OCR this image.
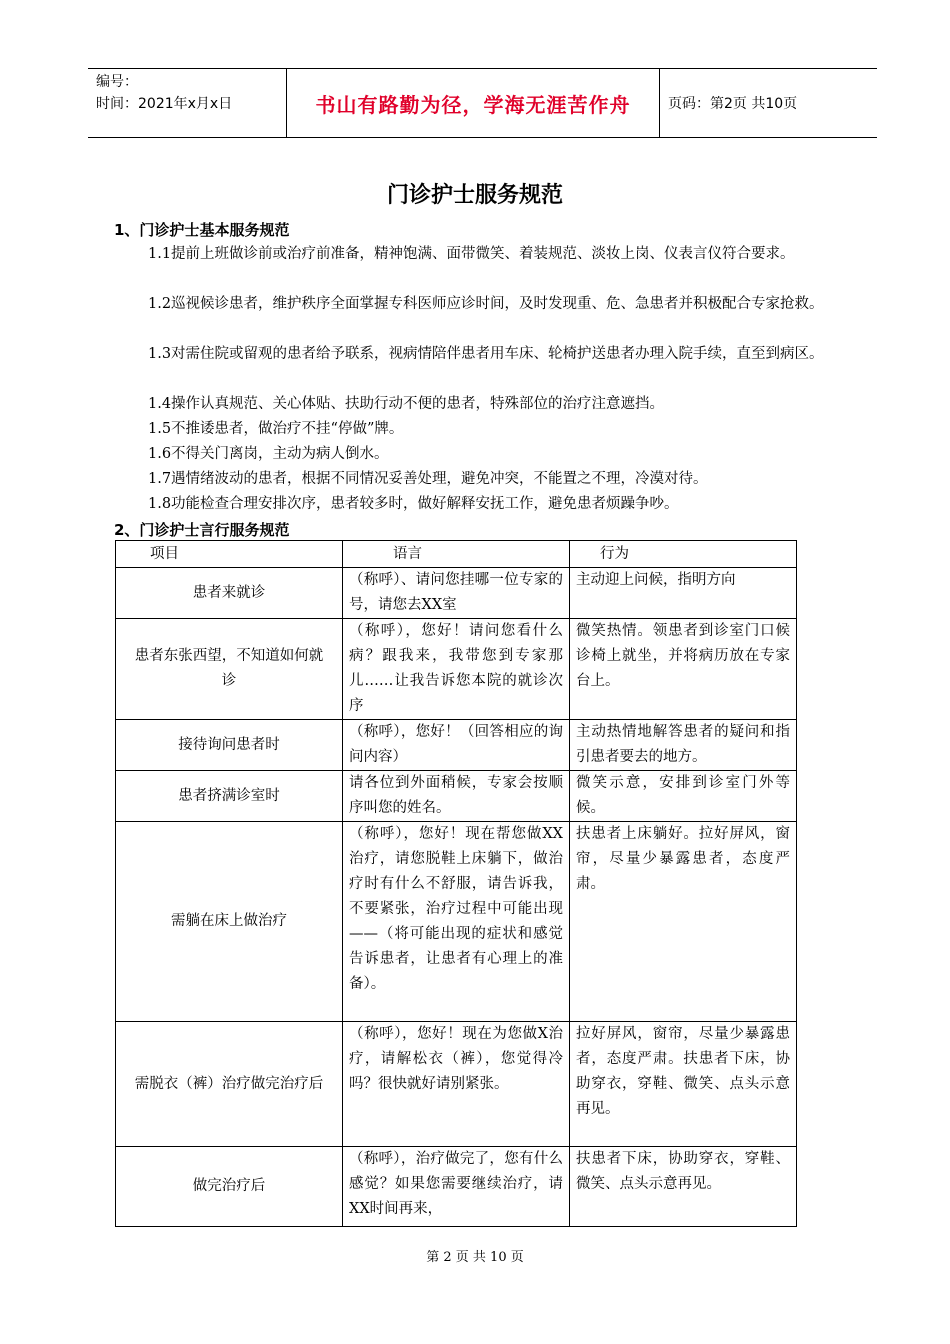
编号：
时间：2021年x月x日	书山有路勤为径，学海无涯苦作舟	页码：第2页 共10页
门诊护士服务规范
1、门诊护士基本服务规范
1.1提前上班做诊前或治疗前准备，精神饱满、面带微笑、着装规范、淡妆上岗、仪表言仪符合要求。
1.2巡视候诊患者，维护秩序全面掌握专科医师应诊时间，及时发现重、危、急患者并积极配合专家抢救。
1.3对需住院或留观的患者给予联系，视病情陪伴患者用车床、轮椅护送患者办理入院手续，直至到病区。
1.4操作认真规范、关心体贴、扶助行动不便的患者，特殊部位的治疗注意遮挡。
1.5不推诿患者，做治疗不挂“停做”牌。
1.6不得关门离岗，主动为病人倒水。
1.7遇情绪波动的患者，根据不同情况妥善处理，避免冲突，不能置之不理，冷漠对待。
1.8功能检查合理安排次序，患者较多时，做好解释安抚工作，避免患者烦躁争吵。
2、门诊护士言行服务规范
项目	语言	行为
患者来就诊	（称呼）、请问您挂哪一位专家的号，请您去XX室	主动迎上问候，指明方向
患者东张西望，不知道如何就诊	（称呼），您好！请问您看什么病？跟我来，我带您到专家那儿……让我告诉您本院的就诊次序	微笑热情。领患者到诊室门口候诊椅上就坐，并将病历放在专家台上。
接待询问患者时	（称呼），您好！（回答相应的询问内容）	主动热情地解答患者的疑问和指引患者要去的地方。
患者挤满诊室时	请各位到外面稍候，专家会按顺序叫您的姓名。	微笑示意，安排到诊室门外等候。
需躺在床上做治疗	（称呼），您好！现在帮您做XX治疗，请您脱鞋上床躺下，做治疗时有什么不舒服，请告诉我，不要紧张，治疗过程中可能出现——（将可能出现的症状和感觉告诉患者，让患者有心理上的准备）。	扶患者上床躺好。拉好屏风，窗帘，尽量少暴露患者，态度严肃。
需脱衣（裤）治疗做完治疗后	（称呼），您好！现在为您做X治疗，请解松衣（裤），您觉得冷吗？很快就好请别紧张。	拉好屏风，窗帘，尽量少暴露患者，态度严肃。扶患者下床，协助穿衣，穿鞋、微笑、点头示意再见。
做完治疗后	（称呼），治疗做完了，您有什么感觉？如果您需要继续治疗，请XX时间再来，	扶患者下床，协助穿衣，穿鞋、微笑、点头示意再见。
第 2 页 共 10 页
